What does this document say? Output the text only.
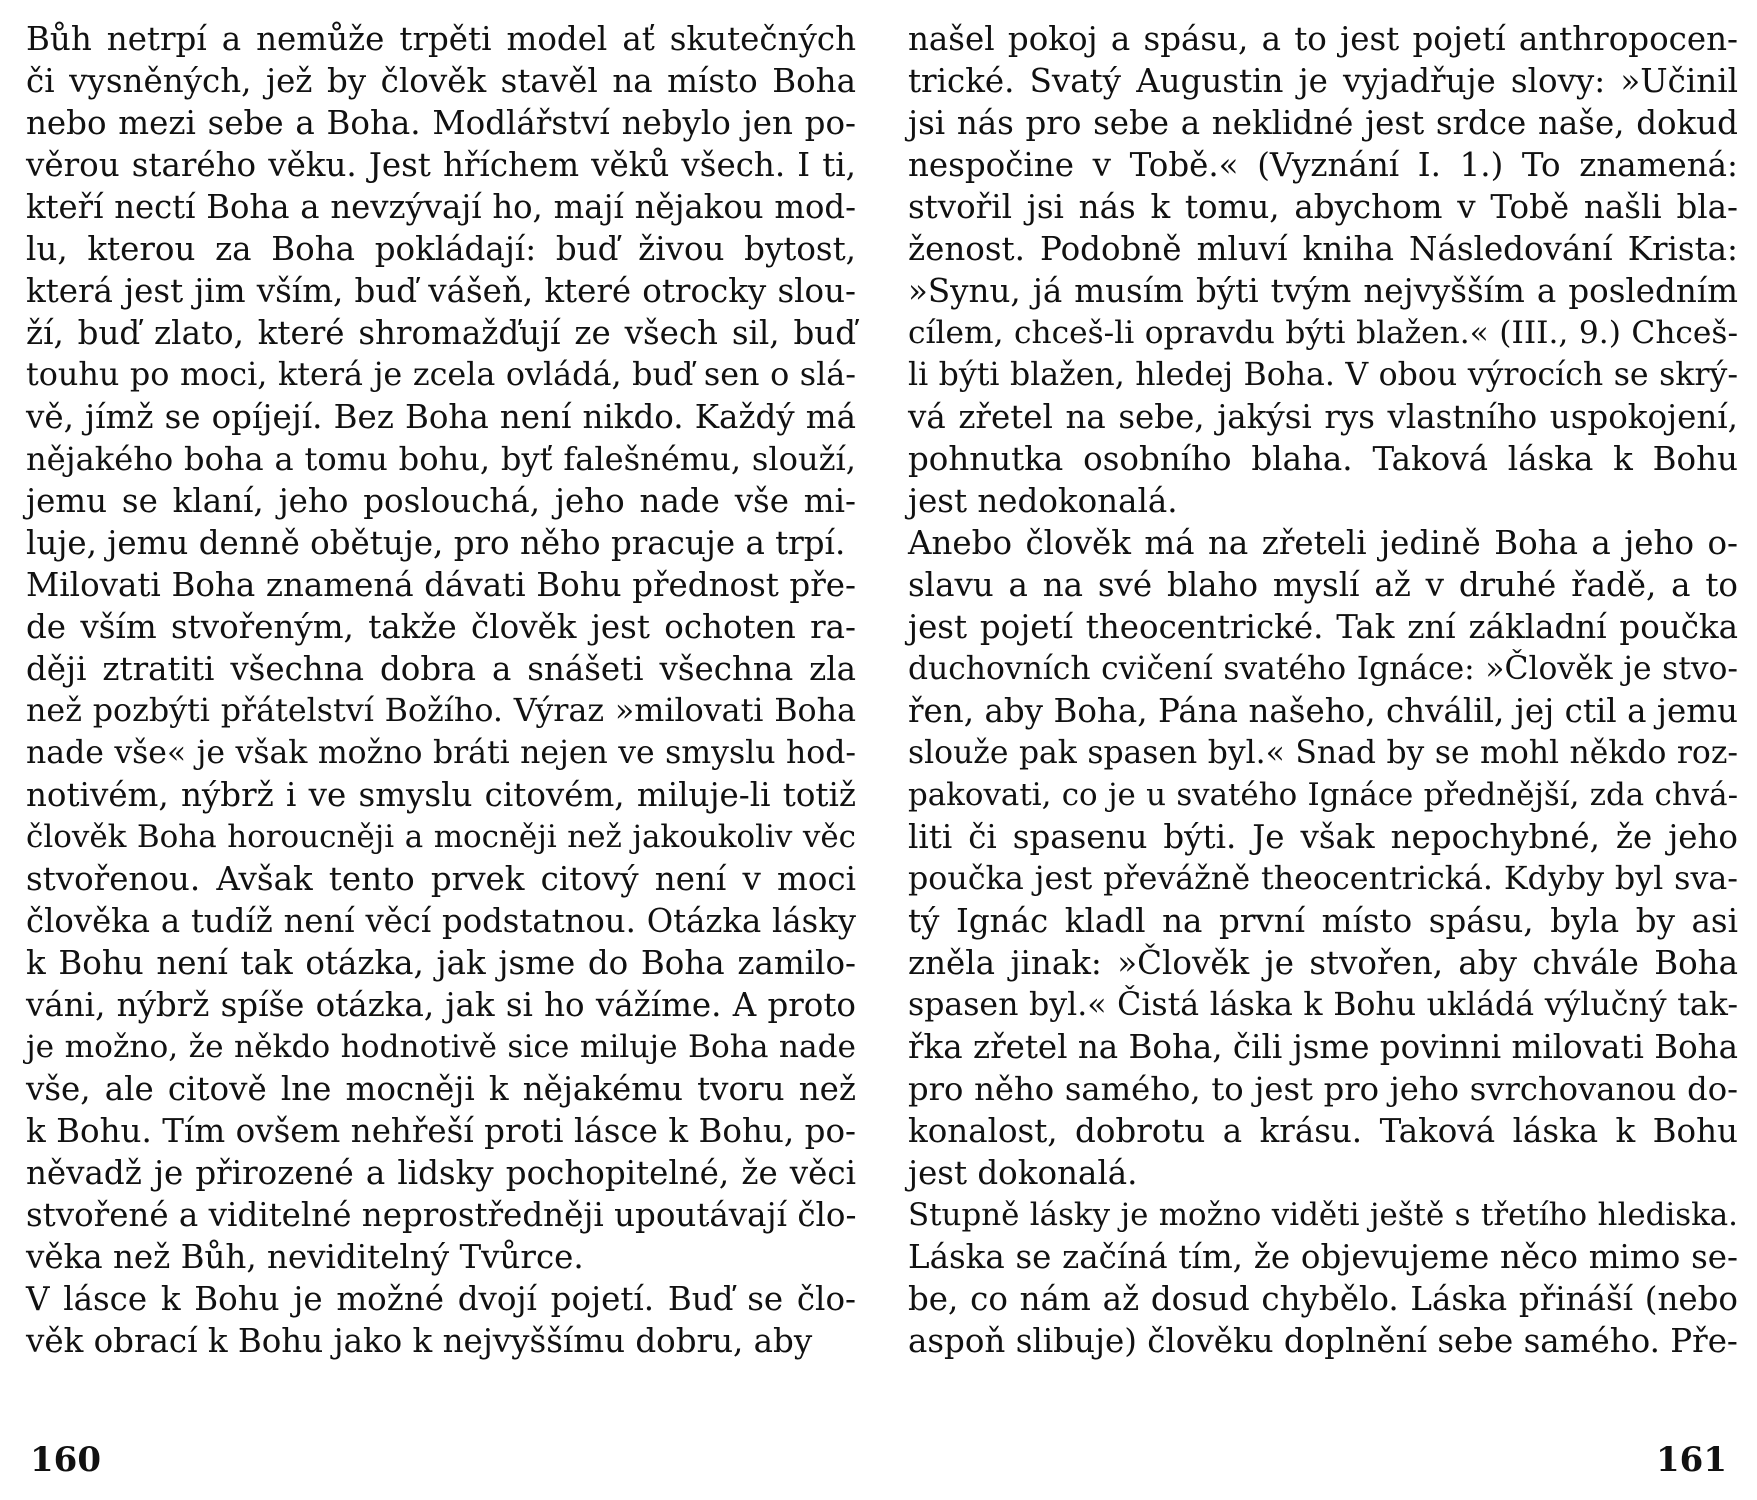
Bůh netrpí a nemůže trpěti model ať skutečných
či vysněných, jež by člověk stavěl na místo Boha
nebo mezi sebe a Boha. Modlářství nebylo jen po-
věrou starého věku. Jest hříchem věků všech. I ti,
kteří nectí Boha a nevzývají ho, mají nějakou mod-
lu, kterou za Boha pokládají: buď živou bytost,
která jest jim vším, buď vášeň, které otrocky slou-
ží, buď zlato, které shromažďují ze všech sil, buď
touhu po moci, která je zcela ovládá, buď sen o slá-
vě, jímž se opíjejí. Bez Boha není nikdo. Každý má
nějakého boha a tomu bohu, byť falešnému, slouží,
jemu se klaní, jeho poslouchá, jeho nade vše mi-
luje, jemu denně obětuje, pro něho pracuje a trpí.
Milovati Boha znamená dávati Bohu přednost pře-
de vším stvořeným, takže člověk jest ochoten ra-
ději ztratiti všechna dobra a snášeti všechna zla
než pozbýti přátelství Božího. Výraz »milovati Boha
nade vše« je však možno bráti nejen ve smyslu hod-
notivém, nýbrž i ve smyslu citovém, miluje-li totiž
člověk Boha horoucněji a mocněji než jakoukoliv věc
stvořenou. Avšak tento prvek citový není v moci
člověka a tudíž není věcí podstatnou. Otázka lásky
k Bohu není tak otázka, jak jsme do Boha zamilo-
váni, nýbrž spíše otázka, jak si ho vážíme. A proto
je možno, že někdo hodnotivě sice miluje Boha nade
vše, ale citově lne mocněji k nějakému tvoru než
k Bohu. Tím ovšem nehřeší proti lásce k Bohu, po-
něvadž je přirozené a lidsky pochopitelné, že věci
stvořené a viditelné neprostředněji upoutávají člo-
věka než Bůh, neviditelný Tvůrce.
V lásce k Bohu je možné dvojí pojetí. Buď se člo-
věk obrací k Bohu jako k nejvyššímu dobru, aby
našel pokoj a spásu, a to jest pojetí anthropocen-
trické. Svatý Augustin je vyjadřuje slovy: »Učinil
jsi nás pro sebe a neklidné jest srdce naše, dokud
nespočine v Tobě.« (Vyznání I. 1.) To znamená:
stvořil jsi nás k tomu, abychom v Tobě našli bla-
ženost. Podobně mluví kniha Následování Krista:
»Synu, já musím býti tvým nejvyšším a posledním
cílem, chceš-li opravdu býti blažen.« (III., 9.) Chceš-
li býti blažen, hledej Boha. V obou výrocích se skrý-
vá zřetel na sebe, jakýsi rys vlastního uspokojení,
pohnutka osobního blaha. Taková láska k Bohu
jest nedokonalá.
Anebo člověk má na zřeteli jedině Boha a jeho o-
slavu a na své blaho myslí až v druhé řadě, a to
jest pojetí theocentrické. Tak zní základní poučka
duchovních cvičení svatého Ignáce: »Člověk je stvo-
řen, aby Boha, Pána našeho, chválil, jej ctil a jemu
slouže pak spasen byl.« Snad by se mohl někdo roz-
pakovati, co je u svatého Ignáce přednější, zda chvá-
liti či spasenu býti. Je však nepochybné, že jeho
poučka jest převážně theocentrická. Kdyby byl sva-
tý Ignác kladl na první místo spásu, byla by asi
zněla jinak: »Člověk je stvořen, aby chvále Boha
spasen byl.« Čistá láska k Bohu ukládá výlučný tak-
řka zřetel na Boha, čili jsme povinni milovati Boha
pro něho samého, to jest pro jeho svrchovanou do-
konalost, dobrotu a krásu. Taková láska k Bohu
jest dokonalá.
Stupně lásky je možno viděti ještě s třetího hlediska.
Láska se začíná tím, že objevujeme něco mimo se-
be, co nám až dosud chybělo. Láska přináší (nebo
aspoň slibuje) člověku doplnění sebe samého. Pře-
160	161
